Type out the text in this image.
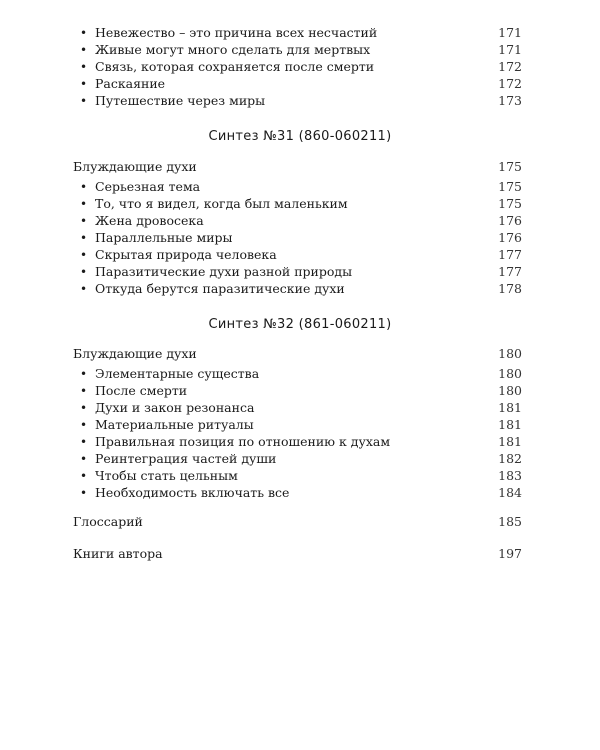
• Невежество – это причина всех несчастий	171
• Живые могут много сделать для мертвых	171
• Связь, которая сохраняется после смерти	172
• Раскаяние	172
• Путешествие через миры	173
Синтез №31 (860-060211)
Блуждающие духи	175
• Серьезная тема	175
• То, что я видел, когда был маленьким	175
• Жена дровосека	176
• Параллельные миры	176
• Скрытая природа человека	177
• Паразитические духи разной природы	177
• Откуда берутся паразитические духи	178
Синтез №32 (861-060211)
Блуждающие духи	180
• Элементарные существа	180
• После смерти	180
• Духи и закон резонанса	181
• Материальные ритуалы	181
• Правильная позиция по отношению к духам	181
• Реинтеграция частей души	182
• Чтобы стать цельным	183
• Необходимость включать все	184
Глоссарий	185
Книги автора	197
